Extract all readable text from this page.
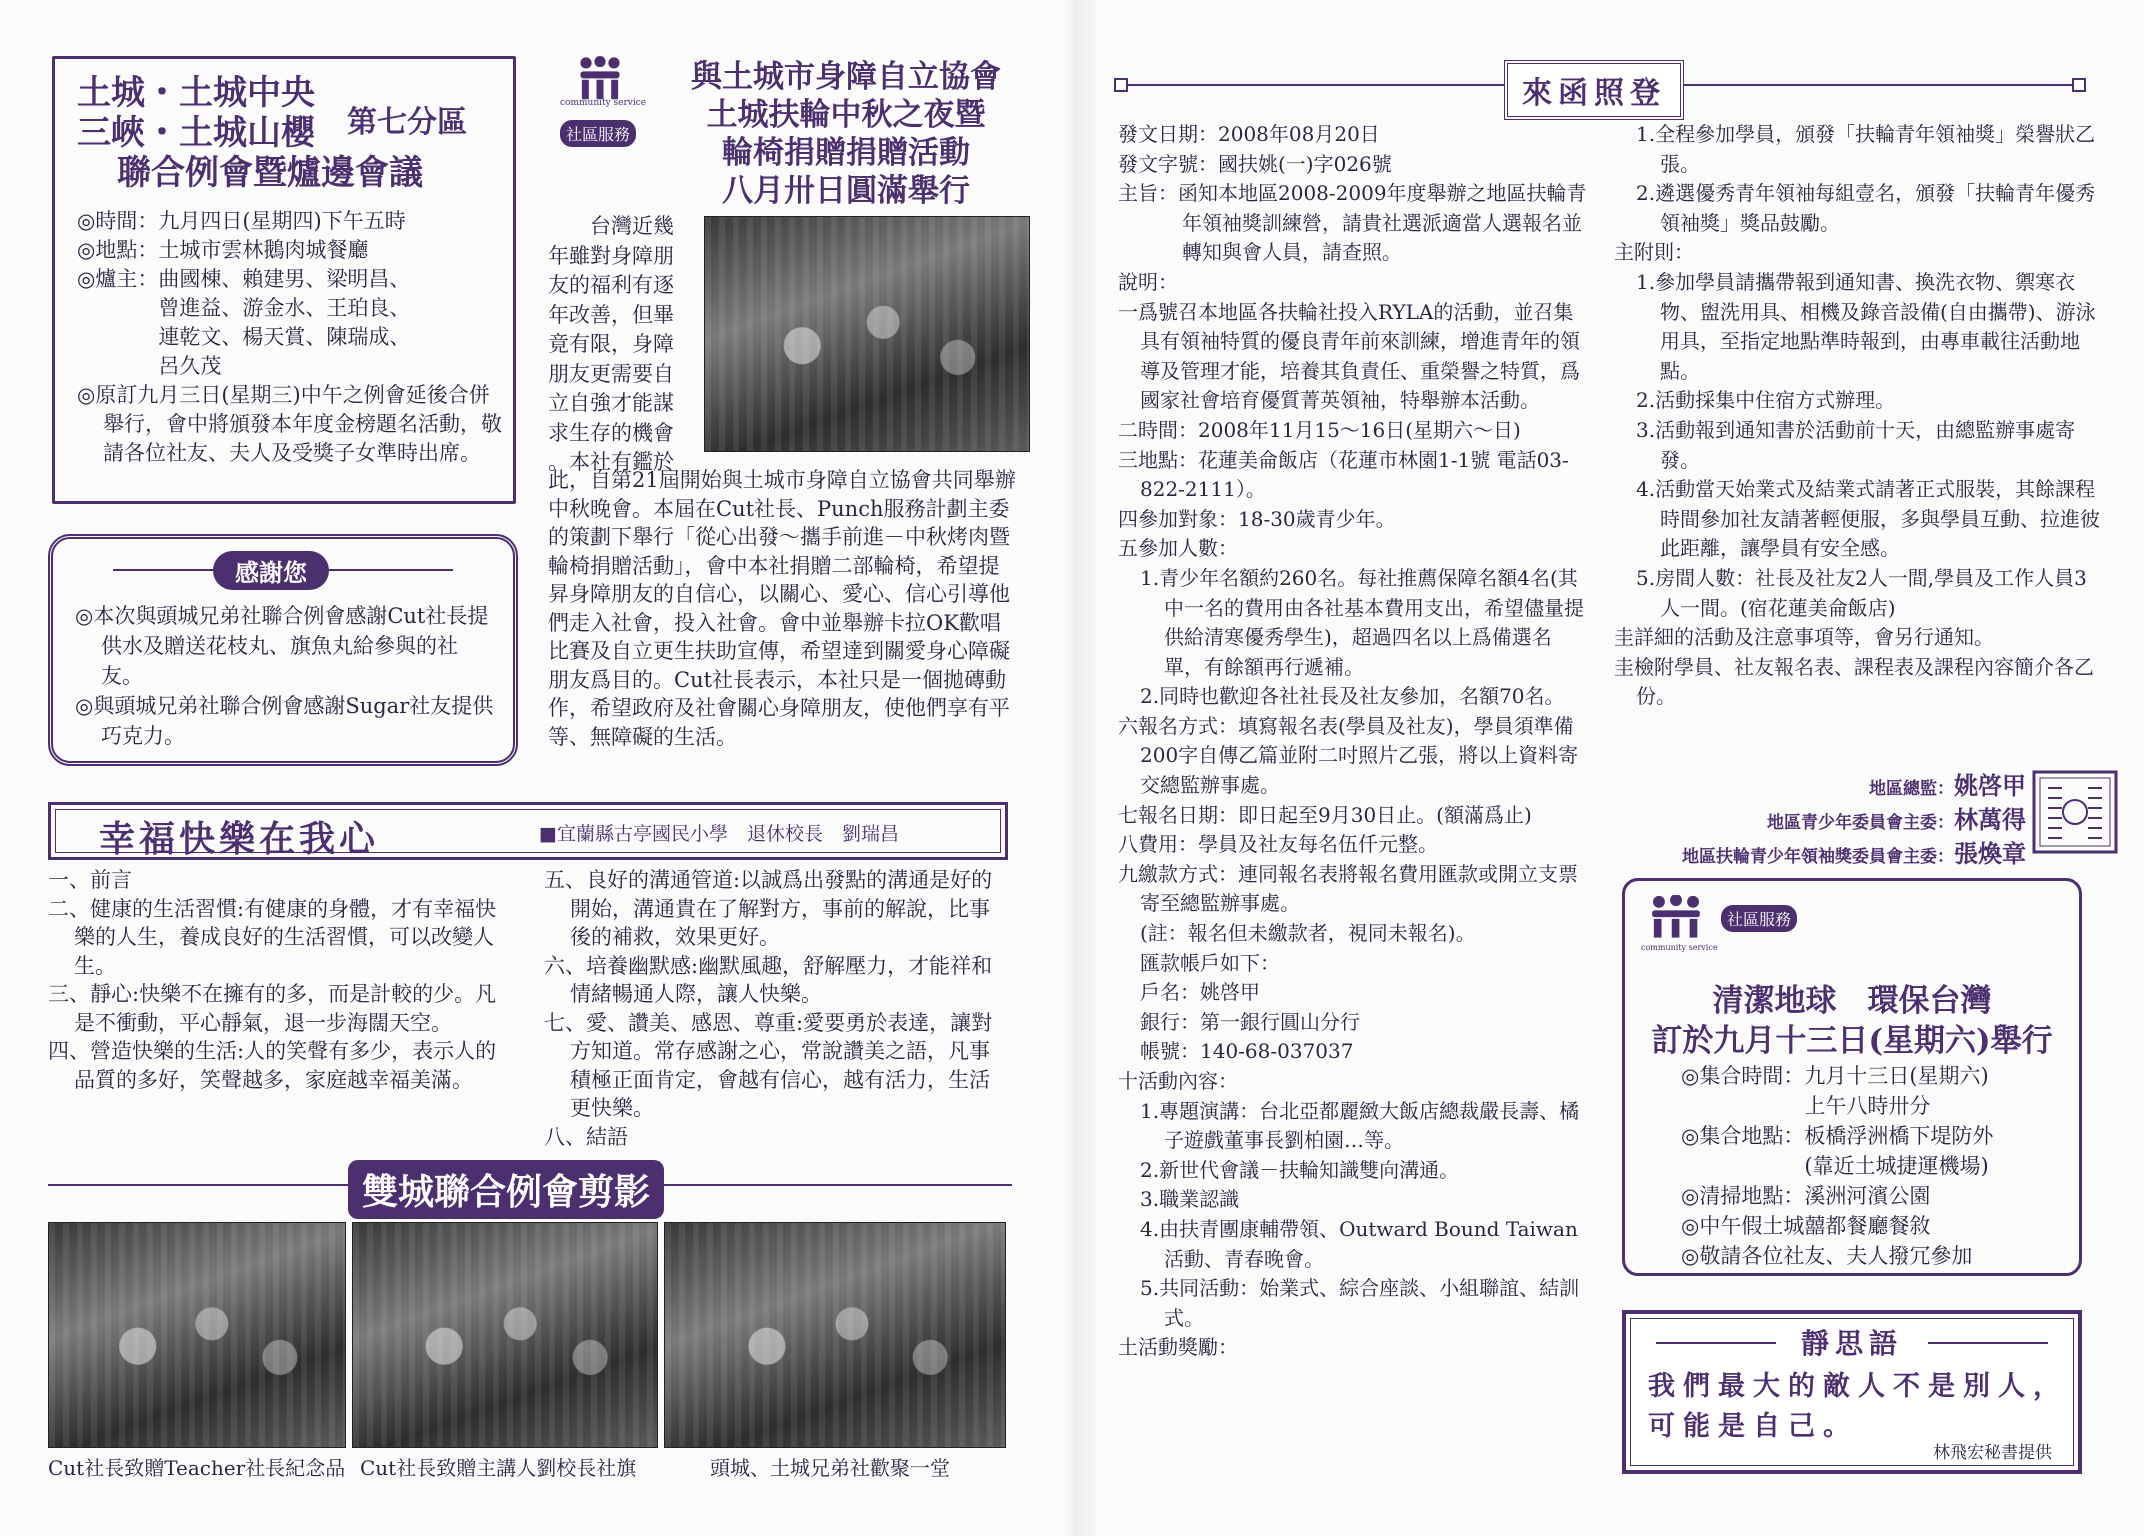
土城・土城中央
三峽・土城山櫻
聯合例會暨爐邊會議
第七分區

◎時間：九月四日(星期四)下午五時

◎地點：土城市雲林鵝肉城餐廳

◎爐主： 曲國棟、賴建男、梁明昌、
曾進益、游金水、王珀良、
連乾文、楊天賞、陳瑞成、
呂久茂

◎原訂九月三日(星期三)中午之例會延後合併舉行，會中將頒發本年度金榜題名活動，敬請各位社友、夫人及受獎子女準時出席。

感謝您

◎本次與頭城兄弟社聯合例會感謝Cut社長提供水及贈送花枝丸、旗魚丸給參與的社友。

◎與頭城兄弟社聯合例會感謝Sugar社友提供巧克力。

community service
社區服務
與土城市身障自立協會
土城扶輪中秋之夜暨
輪椅捐贈捐贈活動
八月卅日圓滿舉行
台灣近幾
年雖對身障朋
友的福利有逐
年改善，但畢
竟有限，身障
朋友更需要自
立自強才能謀
求生存的機會
。本社有鑑於

此，自第21屆開始與土城市身障自立協會共同舉辦中秋晚會。本屆在Cut社長、Punch服務計劃主委的策劃下舉行「從心出發～攜手前進－中秋烤肉暨輪椅捐贈活動」，會中本社捐贈二部輪椅，希望提昇身障朋友的自信心，以關心、愛心、信心引導他們走入社會，投入社會。會中並舉辦卡拉OK歡唱比賽及自立更生扶助宣傳，希望達到關愛身心障礙朋友爲目的。Cut社長表示，本社只是一個拋磚動作，希望政府及社會關心身障朋友，使他們享有平等、無障礙的生活。

幸福快樂在我心	■宜蘭縣古亭國民小學　退休校長　劉瑞昌

一、前言

二、健康的生活習慣:有健康的身體，才有幸福快樂的人生，養成良好的生活習慣，可以改變人生。

三、靜心:快樂不在擁有的多，而是計較的少。凡是不衝動，平心靜氣，退一步海闊天空。

四、營造快樂的生活:人的笑聲有多少，表示人的品質的多好，笑聲越多，家庭越幸福美滿。

五、良好的溝通管道:以誠爲出發點的溝通是好的開始，溝通貴在了解對方，事前的解說，比事後的補救，效果更好。

六、培養幽默感:幽默風趣，舒解壓力，才能祥和情緒暢通人際，讓人快樂。

七、愛、讚美、感恩、尊重:愛要勇於表達，讓對方知道。常存感謝之心，常說讚美之語，凡事積極正面肯定，會越有信心，越有活力，生活更快樂。

八、結語

雙城聯合例會剪影
Cut社長致贈Teacher社長紀念品 Cut社長致贈主講人劉校長社旗	頭城、土城兄弟社歡聚一堂
來函照登

發文日期：2008年08月20日

發文字號：國扶姚(一)字026號

主旨：函知本地區2008-2009年度舉辦之地區扶輪青年領袖獎訓練營，請貴社選派適當人選報名並轉知與會人員，請查照。

說明：

一爲號召本地區各扶輪社投入RYLA的活動，並召集具有領袖特質的優良青年前來訓練，增進青年的領導及管理才能，培養其負責任、重榮譽之特質，爲國家社會培育優質菁英領袖，特舉辦本活動。

二時間：2008年11月15～16日(星期六～日)

三地點：花蓮美侖飯店（花蓮市林園1-1號 電話03-822-2111）。

四參加對象：18-30歲青少年。

五參加人數：

1.青少年名額約260名。每社推薦保障名額4名(其中一名的費用由各社基本費用支出，希望儘量提供給清寒優秀學生)，超過四名以上爲備選名單，有餘額再行遞補。

2.同時也歡迎各社社長及社友參加，名額70名。

六報名方式：填寫報名表(學員及社友)，學員須準備200字自傳乙篇並附二吋照片乙張，將以上資料寄交總監辦事處。

七報名日期：即日起至9月30日止。(額滿爲止)

八費用：學員及社友每名伍仟元整。

九繳款方式：連同報名表將報名費用匯款或開立支票寄至總監辦事處。

(註：報名但未繳款者，視同未報名)。

匯款帳戶如下：

戶名：姚啓甲

銀行：第一銀行圓山分行

帳號：140-68-037037

十活動內容：

1.專題演講：台北亞都麗緻大飯店總裁嚴長壽、橘子遊戲董事長劉柏園…等。

2.新世代會議－扶輪知識雙向溝通。

3.職業認識

4.由扶青團康輔帶領、Outward Bound Taiwan活動、青春晚會。

5.共同活動：始業式、綜合座談、小組聯誼、結訓式。

土活動獎勵：

1.全程參加學員，頒發「扶輪青年領袖獎」榮譽狀乙張。

2.遴選優秀青年領袖每組壹名，頒發「扶輪青年優秀領袖獎」獎品鼓勵。

主附則：

1.參加學員請攜帶報到通知書、換洗衣物、禦寒衣物、盥洗用具、相機及錄音設備(自由攜帶)、游泳用具，至指定地點準時報到，由專車載往活動地點。

2.活動採集中住宿方式辦理。

3.活動報到通知書於活動前十天，由總監辦事處寄發。

4.活動當天始業式及結業式請著正式服裝，其餘課程時間參加社友請著輕便服，多與學員互動、拉進彼此距離，讓學員有安全感。

5.房間人數：社長及社友2人一間,學員及工作人員3人一間。(宿花蓮美侖飯店)

圭詳細的活動及注意事項等，會另行通知。

圭檢附學員、社友報名表、課程表及課程內容簡介各乙份。

地區總監： 姚啓甲
地區青少年委員會主委： 林萬得
地區扶輪青少年領袖獎委員會主委： 張煥章
community service
社區服務
清潔地球　環保台灣
訂於九月十三日(星期六)舉行
◎集合時間： 九月十三日(星期六)
上午八時卅分
◎集合地點： 板橋浮洲橋下堤防外
(靠近土城捷運機場)
◎清掃地點： 溪洲河濱公園
◎中午假土城囍都餐廳餐敘
◎敬請各位社友、夫人撥冗參加
靜思語
我們最大的敵人不是別人，
可能是自己。
林飛宏秘書提供
